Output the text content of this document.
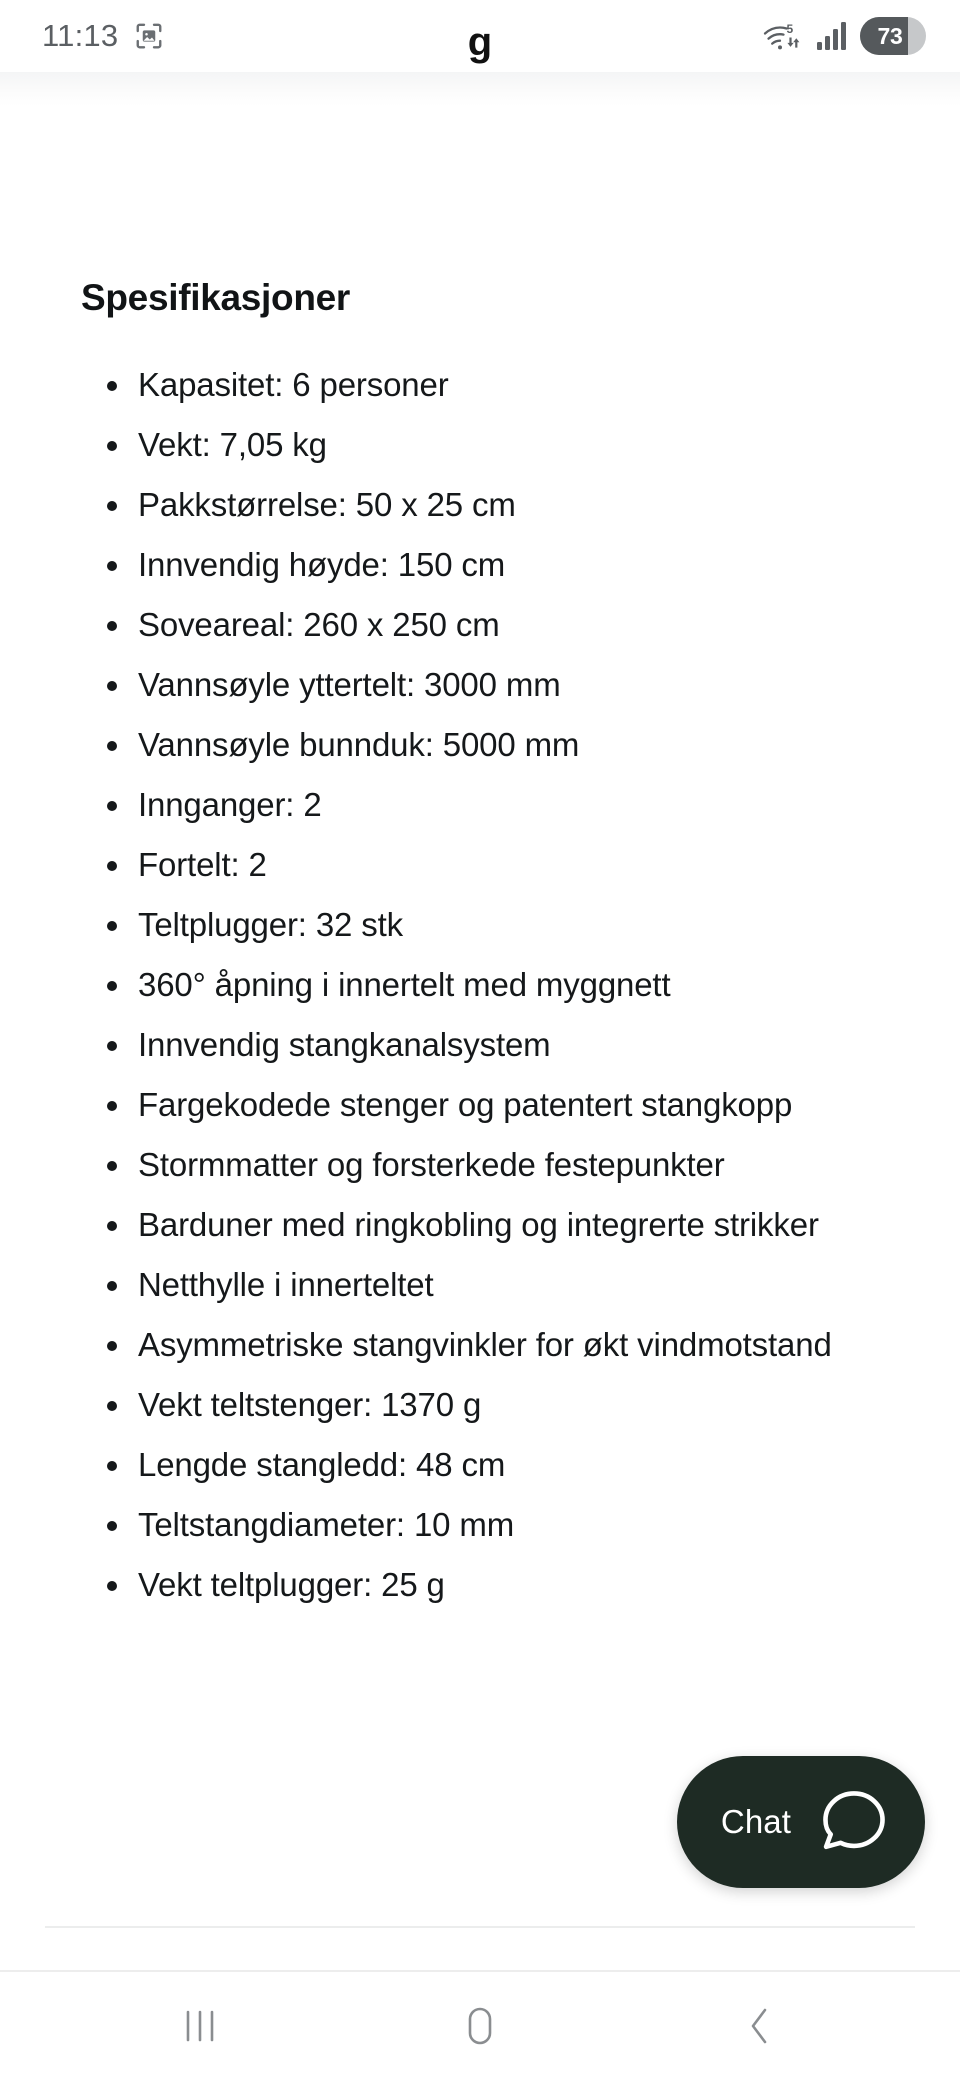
11:13	5	73
g
Spesifikasjoner
Kapasitet: 6 personer
Vekt: 7,05 kg
Pakkstørrelse: 50 x 25 cm
Innvendig høyde: 150 cm
Soveareal: 260 x 250 cm
Vannsøyle yttertelt: 3000 mm
Vannsøyle bunnduk: 5000 mm
Innganger: 2
Fortelt: 2
Teltplugger: 32 stk
360° åpning i innertelt med myggnett
Innvendig stangkanalsystem
Fargekodede stenger og patentert stangkopp
Stormmatter og forsterkede festepunkter
Barduner med ringkobling og integrerte strikker
Netthylle i innerteltet
Asymmetriske stangvinkler for økt vindmotstand
Vekt teltstenger: 1370 g
Lengde stangledd: 48 cm
Teltstangdiameter: 10 mm
Vekt teltplugger: 25 g
Chat
